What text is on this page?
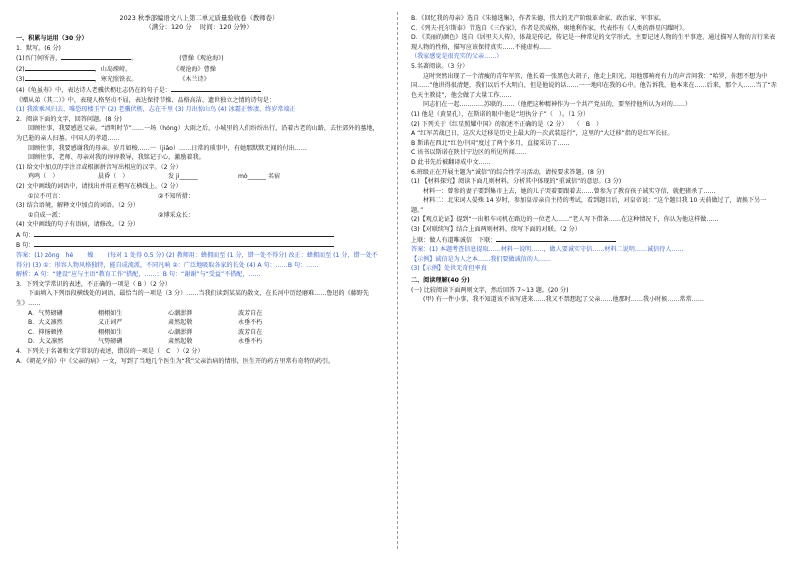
2023 秋季部编语文八上第二单元质量验收卷（教师卷）
（满分：120 分　 时间：120 分钟）

一、积累与运用（30 分）

1．默写。(6 分)

(1)吾门何所善，	。	(曹操《观沧海》)

(2)	，山岛竦峙。	《观沧海》曹操

(3)	，寒光照铁衣。	《木兰诗》

(4)《龟虽寿》中，表达诗人老骥伏枥壮志仍在的句子是：

《赠从弟（其二）》中，表现人格坚贞不屈，表达保持节操、品格高洁、遗世独立之情的诗句是：

(1) 我欲乘风归去，唯恐琼楼玉宇 (2) 老骥伏枥，志在千里 (3) 月出惊山鸟 (4) 冰霜正惨凄，终岁常端正

2．阅读下面的文字，回答问题。(8 分)

回顾往事，我要感恩父亲。“清明时节”……一场（hóng）大雨之后，小城里的人们纷纷出行，沿着古老的山路，去往郊外的墓地，为已逝的亲人扫墓。中国人的孝道……

回顾往事，我要感谢我的母亲。岁月如梭……一（jiǎo）……日常的琐事中，有她那默默无闻的付出……

回顾往事，老师、母亲对我的谆谆教导，我铭记于心，激励着我。

(1) 给文中加点的字注音或根据拼音写出相应的汉字。（2 分）

鸡鸣（　）	晨昏（　）	发 ji______	mò______ 名宿

(2) 文中画线的词语中，请找出并用正楷写在横线上。（2 分）

①泣不可言：	②不知所措：

(3) 结合语境，解释文中加点的词语。（2 分）

①自成一派：	②博采众长：

(4) 文中画线的句子有语病，请修改。（2 分）

A 句：

B 句：

答案：(1) zǒng　hé　　 燥　　 (每对 1 处得 0.5 分) (2) 教师用：蜂拥而至 (1 分，错一处不得分) 改正：蜂拥而至 (1 分，错一处不得分) (3) ①：形容人物风格独特，能自成流派，不同凡响 ②：广泛地吸取各家的长处 (4) A 句：……B 句：……

解析：A 句：“建设”应与主语“教育工作”搭配，……；B 句：“谢谢”与“受益”不搭配，……

3．下列文学常识的表述，不正确的一项是（ B ）（2 分）

下面填入下列语段横线处的词语，最恰当的一项是（3 分）……当我们读到某某的散文，在长河中历经磨难……鲁迅的《藤野先生》……

A．气势磅礴	栩栩如生	心潮澎湃	波芳自在
B．大义凛然	义正词严	肃然起敬	永垂不朽
C．抑扬顿挫	栩栩如生	心潮澎湃	波芳自在
D．大义凛然	气势磅礴	肃然起敬	永垂不朽

4．下列关于名著和文学常识的表述，错误的一项是（　C　）（2 分）

A．《朝花夕拾》中《父亲的病》一文，写到了当地几个医生为“我”父亲治病的情形，医生开的药方里常有奇特的药引。

B．《回忆我的母亲》选自《朱德选集》，作者朱德，伟大的无产阶级革命家、政治家、军事家。

C．《列夫·托尔斯泰》节选自《三作家》，作者是茨威格，奥地利作家，代表作有《人类的群星闪耀时》。

D．《美丽的颜色》选自《居里夫人传》，体裁是传记，传记是一种常见的文学形式，主要记述人物的生平事迹，通过描写人物的言行来表现人物的性格，描写应该保持真实……不能虚构……

（我家感觉是很充实的父亲……）

5.名著阅读。（3 分）

这时突然出现了一个清瘦的青年军官，他长着一张黑色大胡子，他走上阳光，用他那响亮有力的声音问我：“哈罗，你想不想为中国……”他讲得很清楚，我们以后不大明白，但是他说的话……一一地印在我的心中。他告诉我，他本来在……后来，那个人……当了“赤色天主教徒”，他会做了大量工作……

同志们在一起…………苏联的……（他把这种精神作为一个共产党员的，要坚持他所认为对的……）

(1) 他是（黄显孔），在斯诺的眼中他是“坦执分子”（　）。（1 分）

(2) 下列关于《红星照耀中国》的叙述不正确的是（2 分）　　（　B　）

A “红军苦战已日，这次大迁移是历史上最大的一次武装巡行”，这里的“大迁移”指的是红军长征。

B 斯诺在西北“红色中国”度过了两个多月，直接采访了……

C 该书以斯诺在陕甘宁边区的所见所闻……

D 此书先后被翻译成中文……

6.班级正在开展主题为“诚信”的综合性学习活动，请按要求答题。(8 分)

(1) 【材料探究】阅读下面几则材料，分析其中体现的“重诚信”的意思。(3 分)

材料一：曾参的妻子要到集市上去，她的儿子哭着要跟着去……曾参为了教育孩子诚实守信，就把猪杀了……

材料二：北宋词人晏殊 14 岁时，参加皇帝亲自主持的考试，看到题目后，对皇帝说：“这个题目我 10 天前做过了，请换下另一题。”

(2)【观点论证】提到“一出租车司机在路边的一位老人……”老人写下借条……在这种情况下，你认为他这样做……

(3)【对联续写】结合上面两则材料，续写下面的对联。（2 分）

上联：做人有道唯诚信　下联：

答案：(1) 本题考查信息提取……材料一说明……，做人要诚实守信……材料二说明……诚信待人……

【示例】诚信是为人之本……我们要做诚信的人……

(3)【示例】处世无奇但率真

二、阅读理解(40 分)

(一) 比较阅读下面两则文字，然后回答 7~13 题。(20 分)

(甲) 有一件小事，我不知道该不该写进来……我又不禁想起了父亲……他那时……我小时候……常常……
